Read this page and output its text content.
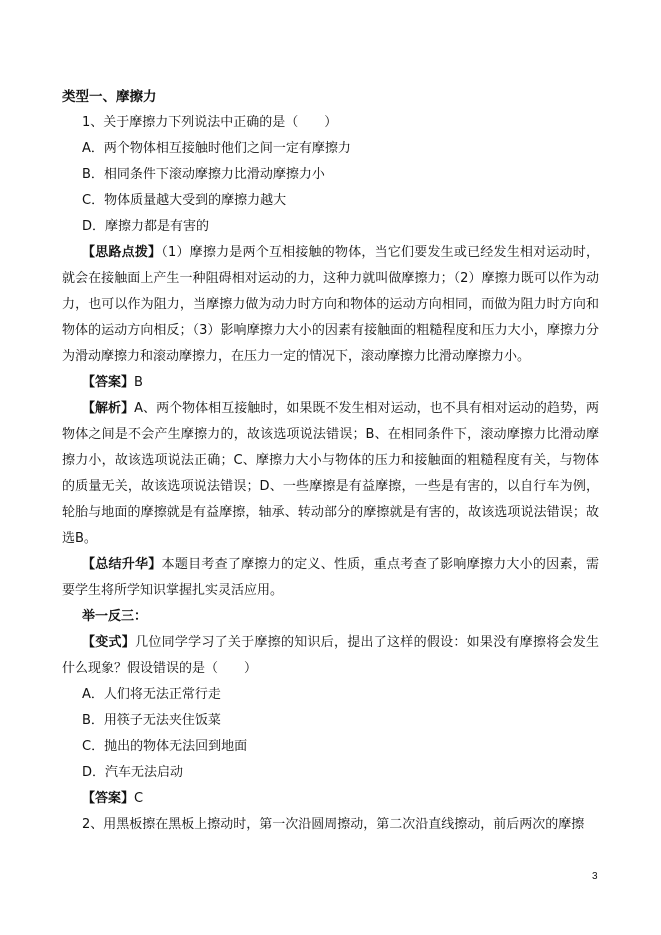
类型一、摩擦力

1、关于摩擦力下列说法中正确的是（　　）

A．两个物体相互接触时他们之间一定有摩擦力

B．相同条件下滚动摩擦力比滑动摩擦力小

C．物体质量越大受到的摩擦力越大

D．摩擦力都是有害的

【思路点拨】（1）摩擦力是两个互相接触的物体，当它们要发生或已经发生相对运动时，就会在接触面上产生一种阻碍相对运动的力，这种力就叫做摩擦力；（2）摩擦力既可以作为动力，也可以作为阻力，当摩擦力做为动力时方向和物体的运动方向相同，而做为阻力时方向和物体的运动方向相反；（3）影响摩擦力大小的因素有接触面的粗糙程度和压力大小，摩擦力分为滑动摩擦力和滚动摩擦力，在压力一定的情况下，滚动摩擦力比滑动摩擦力小。

【答案】B

【解析】A、两个物体相互接触时，如果既不发生相对运动，也不具有相对运动的趋势，两物体之间是不会产生摩擦力的，故该选项说法错误；B、在相同条件下，滚动摩擦力比滑动摩擦力小，故该选项说法正确；C、摩擦力大小与物体的压力和接触面的粗糙程度有关，与物体的质量无关，故该选项说法错误；D、一些摩擦是有益摩擦，一些是有害的，以自行车为例，轮胎与地面的摩擦就是有益摩擦，轴承、转动部分的摩擦就是有害的，故该选项说法错误；故选B。

【总结升华】本题目考查了摩擦力的定义、性质，重点考查了影响摩擦力大小的因素，需要学生将所学知识掌握扎实灵活应用。

举一反三：

【变式】几位同学学习了关于摩擦的知识后，提出了这样的假设：如果没有摩擦将会发生什么现象？假设错误的是（　　）

A．人们将无法正常行走

B．用筷子无法夹住饭菜

C．抛出的物体无法回到地面

D．汽车无法启动

【答案】C

2、用黑板擦在黑板上擦动时，第一次沿圆周擦动，第二次沿直线擦动，前后两次的摩擦

3
